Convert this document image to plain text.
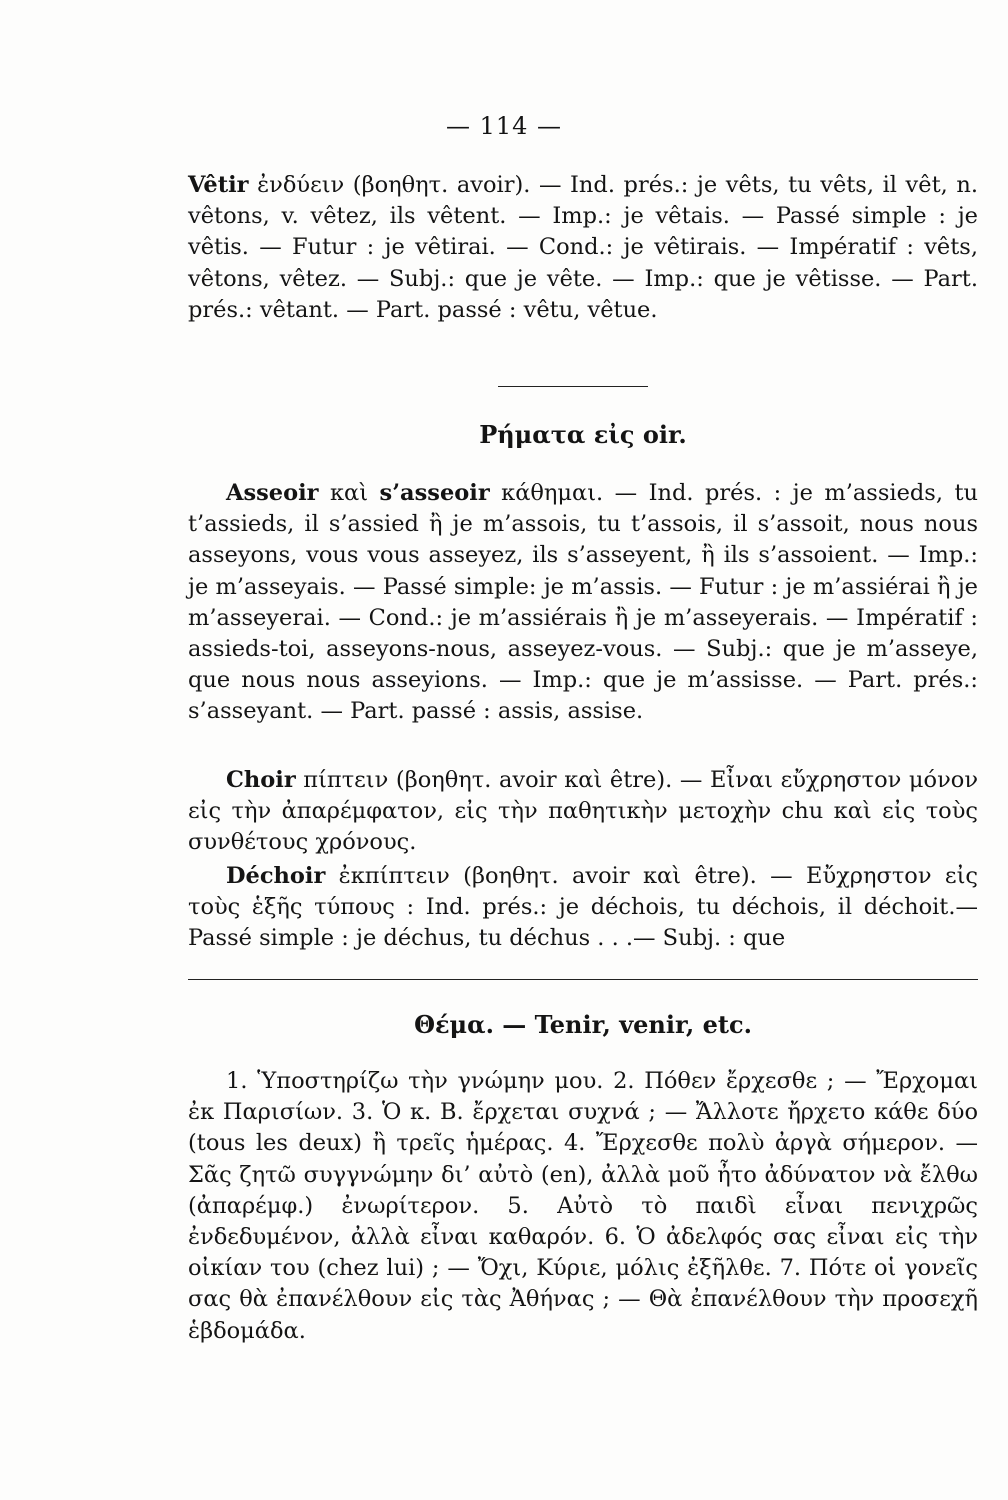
— 114 —
Vêtir ἐνδύειν (βοηθητ. avoir). — Ind. prés.: je vêts, tu vêts, il vêt, n. vêtons, v. vêtez, ils vêtent. — Imp.: je vêtais. — Passé simple : je vêtis. — Futur : je vêtirai. — Cond.: je vêtirais. — Impératif : vêts, vêtons, vêtez. — Subj.: que je vête. — Imp.: que je vêtisse. — Part. prés.: vêtant. — Part. passé : vêtu, vêtue.
Ρήματα εἰς oir.
Asseoir καὶ s’asseoir κάθημαι. — Ind. prés. : je m’assieds, tu t’assieds, il s’assied ἢ je m’assois, tu t’assois, il s’assoit, nous nous asseyons, vous vous asseyez, ils s’asseyent, ἢ ils s’assoient. — Imp.: je m’asseyais. — Passé simple: je m’assis. — Futur : je m’assiérai ἢ je m’asseyerai. — Cond.: je m’assiérais ἢ je m’asseyerais. — Impératif : assieds-toi, asseyons-nous, asseyez-vous. — Subj.: que je m’asseye, que nous nous asseyions. — Imp.: que je m’assisse. — Part. prés.: s’asseyant. — Part. passé : assis, assise.
Choir πίπτειν (βοηθητ. avoir καὶ être). — Εἶναι εὔχρηστον μόνον εἰς τὴν ἀπαρέμφατον, εἰς τὴν παθητικὴν μετοχὴν chu καὶ εἰς τοὺς συνθέτους χρόνους.
Déchoir ἐκπίπτειν (βοηθητ. avoir καὶ être). — Εὔχρηστον εἰς τοὺς ἑξῆς τύπους : Ind. prés.: je déchois, tu déchois, il déchoit.— Passé simple : je déchus, tu déchus . . .— Subj. : que
Θέμα. — Tenir, venir, etc.
1. Ὑποστηρίζω τὴν γνώμην μου. 2. Πόθεν ἔρχεσθε ; — Ἔρχομαι ἐκ Παρισίων. 3. Ὁ κ. Β. ἔρχεται συχνά ; — Ἄλλοτε ἤρχετο κάθε δύο (tous les deux) ἢ τρεῖς ἡμέρας. 4. Ἔρχεσθε πολὺ ἀργὰ σήμερον. — Σᾶς ζητῶ συγγνώμην δι’ αὐτὸ (en), ἀλλὰ μοῦ ἦτο ἀδύνατον νὰ ἔλθω (ἀπαρέμφ.) ἐνωρίτερον. 5. Αὐτὸ τὸ παιδὶ εἶναι πενιχρῶς ἐνδεδυμένον, ἀλλὰ εἶναι καθαρόν. 6. Ὁ ἀδελφός σας εἶναι εἰς τὴν οἰκίαν του (chez lui) ; — Ὄχι, Κύριε, μόλις ἐξῆλθε. 7. Πότε οἱ γονεῖς σας θὰ ἐπανέλθουν εἰς τὰς Ἀθήνας ; — Θὰ ἐπανέλθουν τὴν προσεχῆ ἑβδομάδα.
